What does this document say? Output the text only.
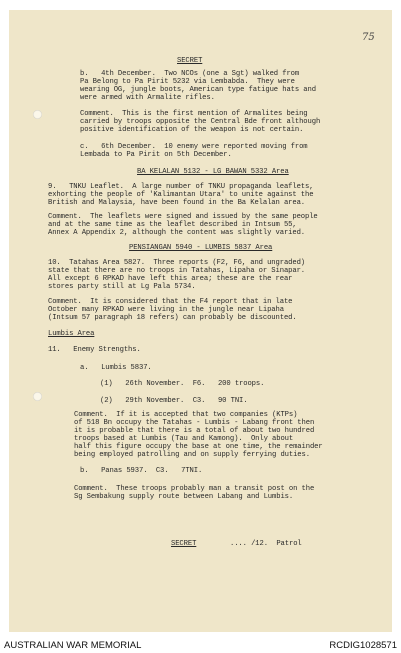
75
SECRET
b.   4th December.  Two NCOs (one a Sgt) walked from
Pa Belong to Pa Pirit 5232 via Lembabda.  They were
wearing OG, jungle boots, American type fatigue hats and
were armed with Armalite rifles.
Comment.  This is the first mention of Armalites being
carried by troops opposite the Central Bde front although
positive identification of the weapon is not certain.
c.   6th December.  10 enemy were reported moving from
Lembada to Pa Pirit on 5th December.
BA KELALAN 5132 - LG BAWAN 5332 Area
9.   TNKU Leaflet.  A large number of TNKU propaganda leaflets,
exhorting the people of 'Kalimantan Utara' to unite against the
British and Malaysia, have been found in the Ba Kelalan area.
Comment.  The leaflets were signed and issued by the same people
and at the same time as the leaflet described in Intsum 55,
Annex A Appendix 2, although the content was slightly varied.
PENSIANGAN 5940 - LUMBIS 5837 Area
10.  Tatahas Area 5827.  Three reports (F2, F6, and ungraded)
state that there are no troops in Tatahas, Lipaha or Sinapar.
All except 6 RPKAD have left this area; these are the rear
stores party still at Lg Pala 5734.
Comment.  It is considered that the F4 report that in late
October many RPKAD were living in the jungle near Lipaha
(Intsum 57 paragraph 18 refers) can probably be discounted.
Lumbis Area
11.   Enemy Strengths.
a.   Lumbis 5837.
(1)   26th November.  F6.   200 troops.
(2)   29th November.  C3.   90 TNI.
Comment.  If it is accepted that two companies (KTPs)
of 518 Bn occupy the Tatahas - Lumbis - Labang front then
it is probable that there is a total of about two hundred
troops based at Lumbis (Tau and Kamong).  Only about
half this figure occupy the base at one time, the remainder
being employed patrolling and on supply ferrying duties.
b.   Panas 5937.  C3.   7TNI.
Comment.  These troops probably man a transit post on the
Sg Sembakung supply route between Labang and Lumbis.
SECRET	.... /12.  Patrol
AUSTRALIAN WAR MEMORIAL	RCDIG1028571
